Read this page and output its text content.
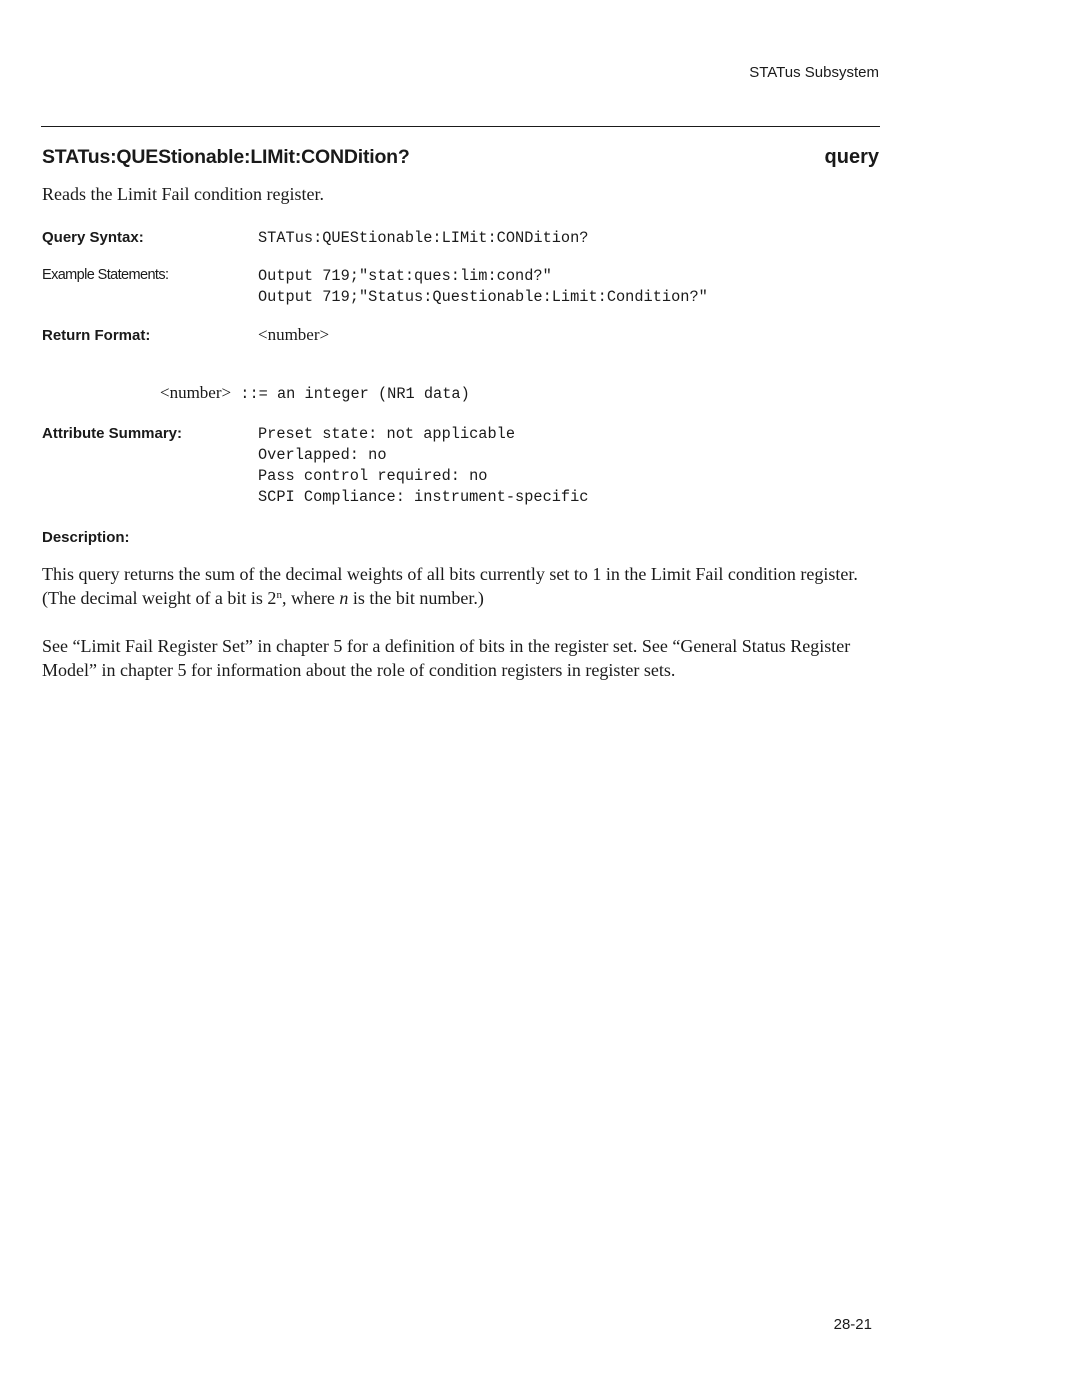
STATus Subsystem
STATus:QUEStionable:LIMit:CONDition?	query
Reads the Limit Fail condition register.
Query Syntax:	STATus:QUEStionable:LIMit:CONDition?
Example Statements:	Output 719;"stat:ques:lim:cond?"
Output 719;"Status:Questionable:Limit:Condition?"
Return Format:	<number>
<number> ::= an integer (NR1 data)
Attribute Summary:	Preset state: not applicable
Overlapped: no
Pass control required: no
SCPI Compliance: instrument-specific
Description:
This query returns the sum of the decimal weights of all bits currently set to 1 in the Limit Fail condition register. (The decimal weight of a bit is 2$^n$, where n is the bit number.)
See “Limit Fail Register Set” in chapter 5 for a definition of bits in the register set. See “General Status Register Model” in chapter 5 for information about the role of condition registers in register sets.
28-21
